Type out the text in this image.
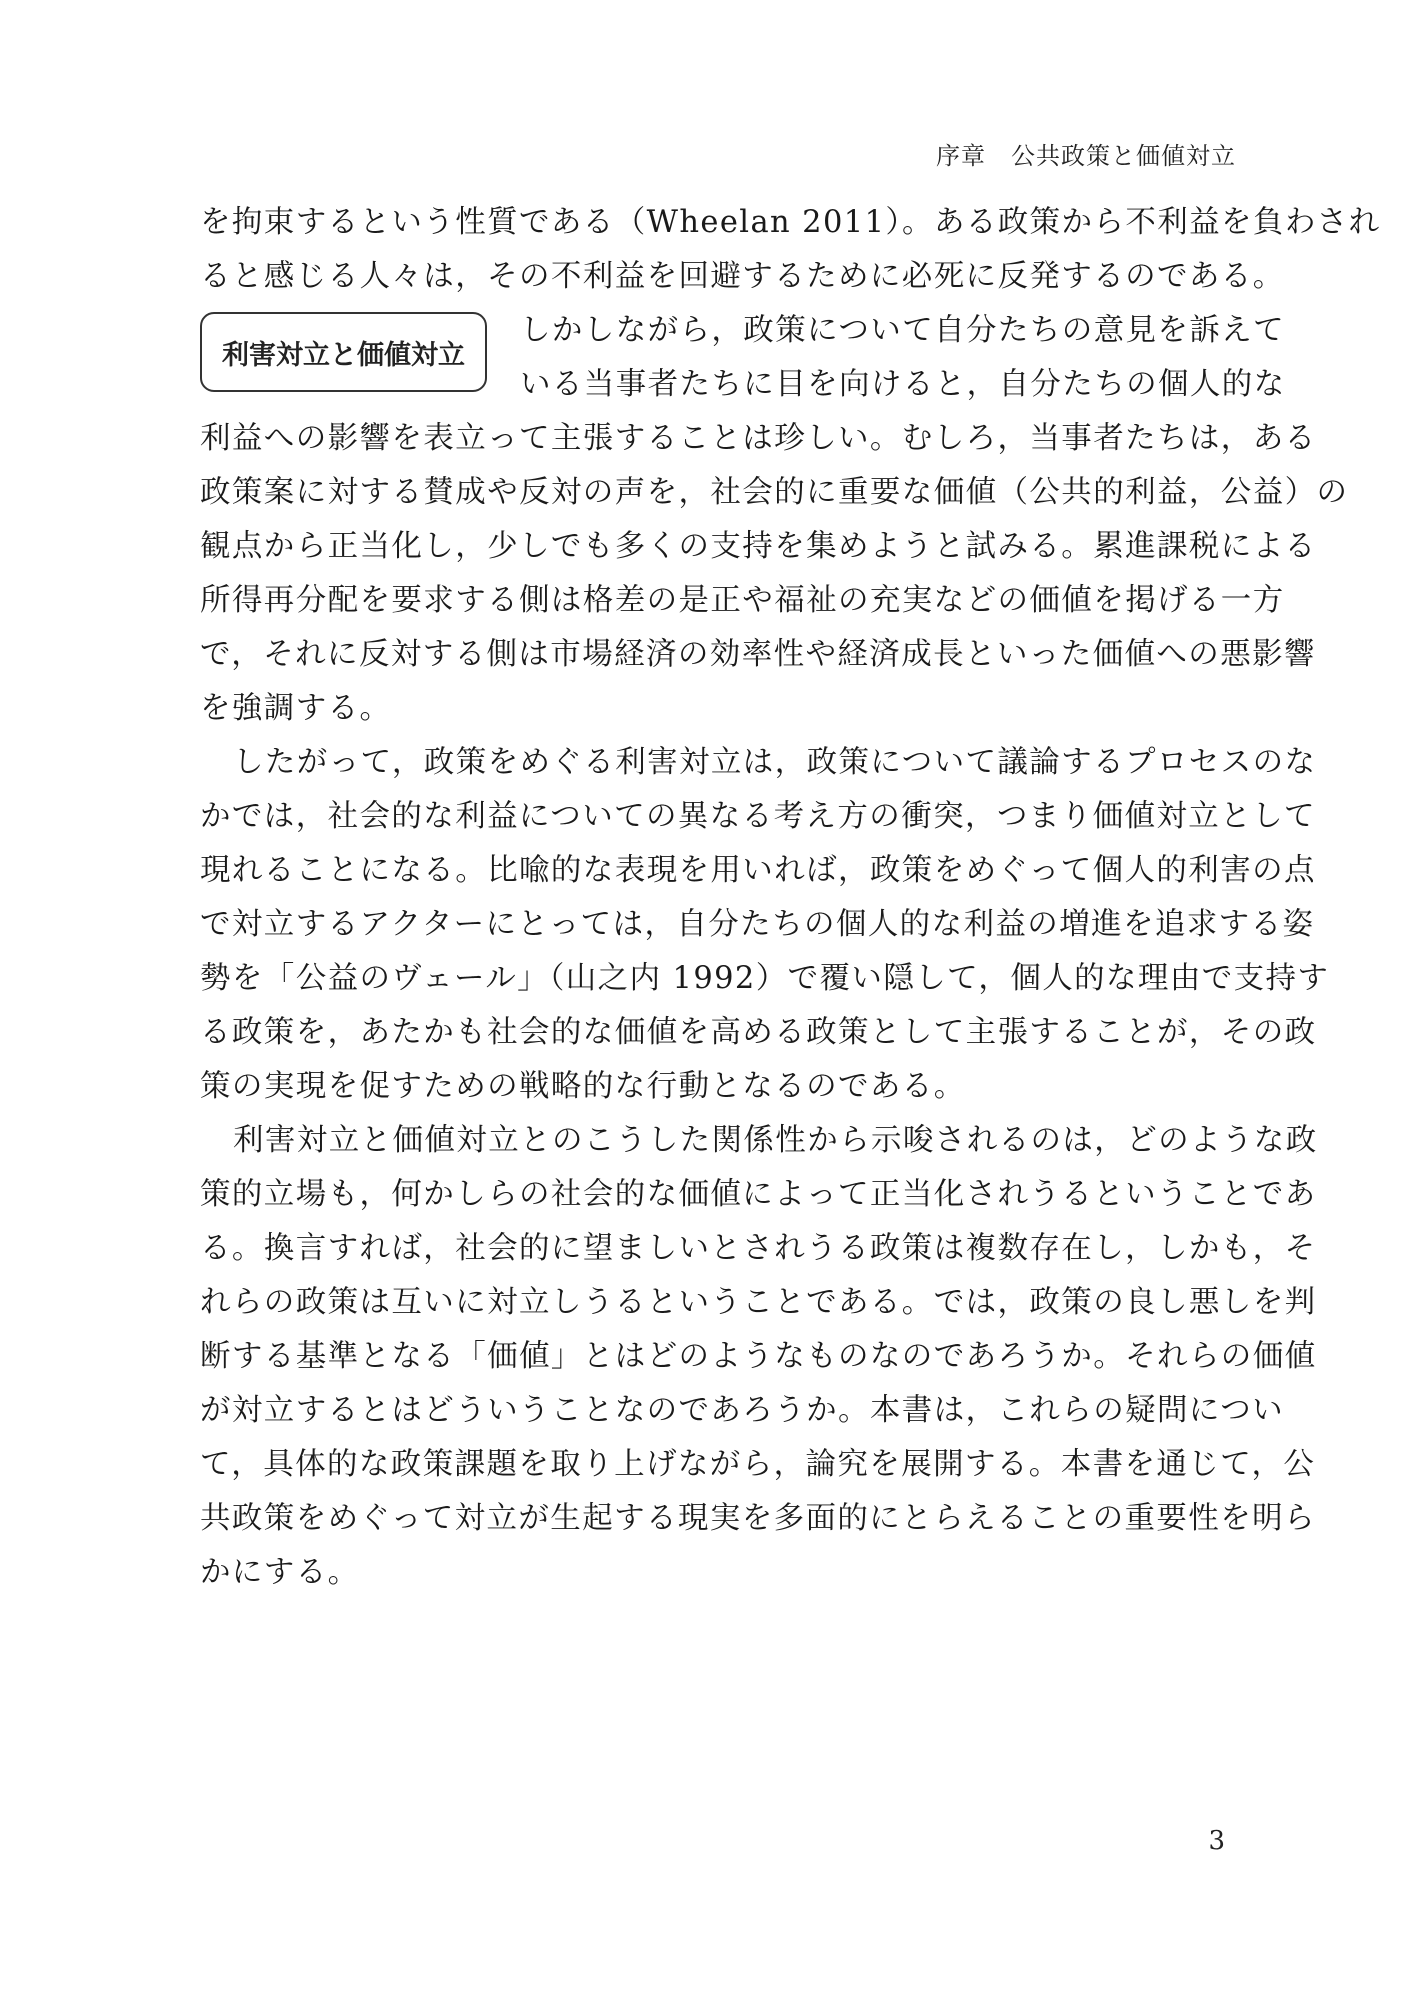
序章　公共政策と価値対立
を拘束するという性質である（Wheelan 2011）。ある政策から不利益を負わされ
ると感じる人々は，その不利益を回避するために必死に反発するのである。
利害対立と価値対立
しかしながら，政策について自分たちの意見を訴えて
いる当事者たちに目を向けると，自分たちの個人的な
利益への影響を表立って主張することは珍しい。むしろ，当事者たちは，ある
政策案に対する賛成や反対の声を，社会的に重要な価値（公共的利益，公益）の
観点から正当化し，少しでも多くの支持を集めようと試みる。累進課税による
所得再分配を要求する側は格差の是正や福祉の充実などの価値を掲げる一方
で，それに反対する側は市場経済の効率性や経済成長といった価値への悪影響
を強調する。
したがって，政策をめぐる利害対立は，政策について議論するプロセスのな
かでは，社会的な利益についての異なる考え方の衝突，つまり価値対立として
現れることになる。比喩的な表現を用いれば，政策をめぐって個人的利害の点
で対立するアクターにとっては，自分たちの個人的な利益の増進を追求する姿
勢を「公益のヴェール」（山之内 1992）で覆い隠して，個人的な理由で支持す
る政策を，あたかも社会的な価値を高める政策として主張することが，その政
策の実現を促すための戦略的な行動となるのである。
利害対立と価値対立とのこうした関係性から示唆されるのは，どのような政
策的立場も，何かしらの社会的な価値によって正当化されうるということであ
る。換言すれば，社会的に望ましいとされうる政策は複数存在し，しかも，そ
れらの政策は互いに対立しうるということである。では，政策の良し悪しを判
断する基準となる「価値」とはどのようなものなのであろうか。それらの価値
が対立するとはどういうことなのであろうか。本書は，これらの疑問につい
て，具体的な政策課題を取り上げながら，論究を展開する。本書を通じて，公
共政策をめぐって対立が生起する現実を多面的にとらえることの重要性を明ら
かにする。
3
